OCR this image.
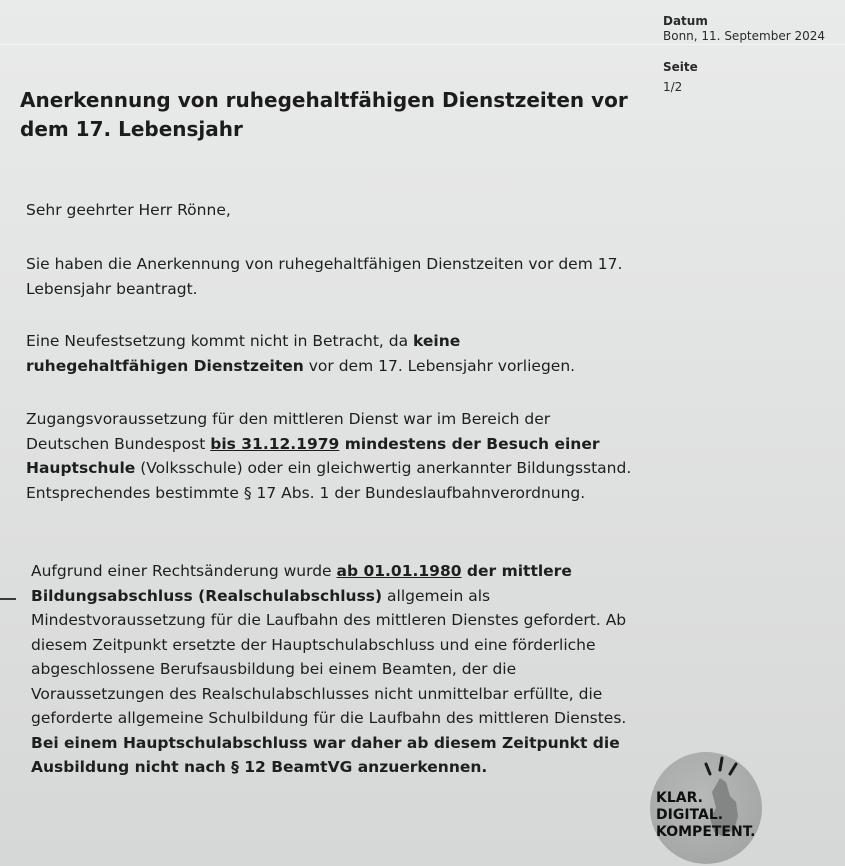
Datum
Bonn, 11. September 2024
Seite
1/2
Anerkennung von ruhegehaltfähigen Dienstzeiten vor dem 17. Lebensjahr
Sehr geehrter Herr Rönne,
Sie haben die Anerkennung von ruhegehaltfähigen Dienstzeiten vor dem 17. Lebensjahr beantragt.
Eine Neufestsetzung kommt nicht in Betracht, da keine ruhegehaltfähigen Dienstzeiten vor dem 17. Lebensjahr vorliegen.
Zugangsvoraussetzung für den mittleren Dienst war im Bereich der Deutschen Bundespost bis 31.12.1979 mindestens der Besuch einer Hauptschule (Volksschule) oder ein gleichwertig anerkannter Bildungsstand. Entsprechendes bestimmte § 17 Abs. 1 der Bundeslaufbahnverordnung.
Aufgrund einer Rechtsänderung wurde ab 01.01.1980 der mittlere Bildungsabschluss (Realschulabschluss) allgemein als Mindestvoraussetzung für die Laufbahn des mittleren Dienstes gefordert. Ab diesem Zeitpunkt ersetzte der Hauptschulabschluss und eine förderliche abgeschlossene Berufsausbildung bei einem Beamten, der die Voraussetzungen des Realschulabschlusses nicht unmittelbar erfüllte, die geforderte allgemeine Schulbildung für die Laufbahn des mittleren Dienstes. Bei einem Hauptschulabschluss war daher ab diesem Zeitpunkt die Ausbildung nicht nach § 12 BeamtVG anzuerkennen.
KLAR.
DIGITAL.
KOMPETENT.
